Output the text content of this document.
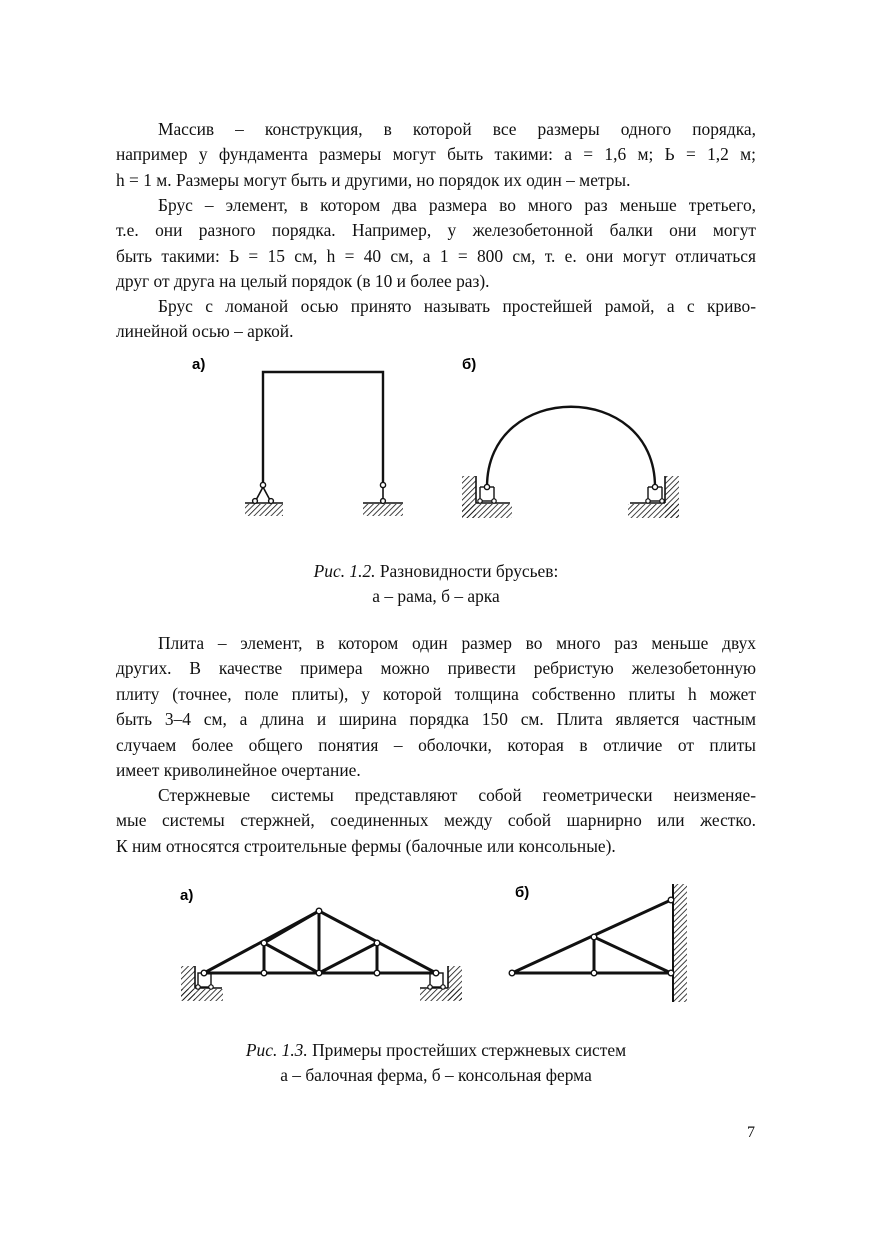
Массив – конструкция, в которой все размеры одного порядка,
например у фундамента размеры могут быть такими: a = 1,6 м; Ь = 1,2 м;
h = 1 м. Размеры могут быть и другими, но порядок их один – метры.
Брус – элемент, в котором два размера во много раз меньше третьего,
т.е. они разного порядка. Например, у железобетонной балки они могут
быть такими: Ь = 15 см, h = 40 см, a 1 = 800 см, т. е. они могут отличаться
друг от друга на целый порядок (в 10 и более раз).
Брус с ломаной осью принято называть простейшей рамой, а с криво-
линейной осью – аркой.
а)	б)
Рис. 1.2. Разновидности брусьев:
а – рама, б – арка
Плита – элемент, в котором один размер во много раз меньше двух
других. В качестве примера можно привести ребристую железобетонную
плиту (точнее, поле плиты), у которой толщина собственно плиты h может
быть 3–4 см, а длина и ширина порядка 150 см. Плита является частным
случаем более общего понятия – оболочки, которая в отличие от плиты
имеет криволинейное очертание.
Стержневые системы представляют собой геометрически неизменяе-
мые системы стержней, соединенных между собой шарнирно или жестко.
К ним относятся строительные фермы (балочные или консольные).
а)	б)
Рис. 1.3. Примеры простейших стержневых систем
а – балочная ферма, б – консольная ферма
7
